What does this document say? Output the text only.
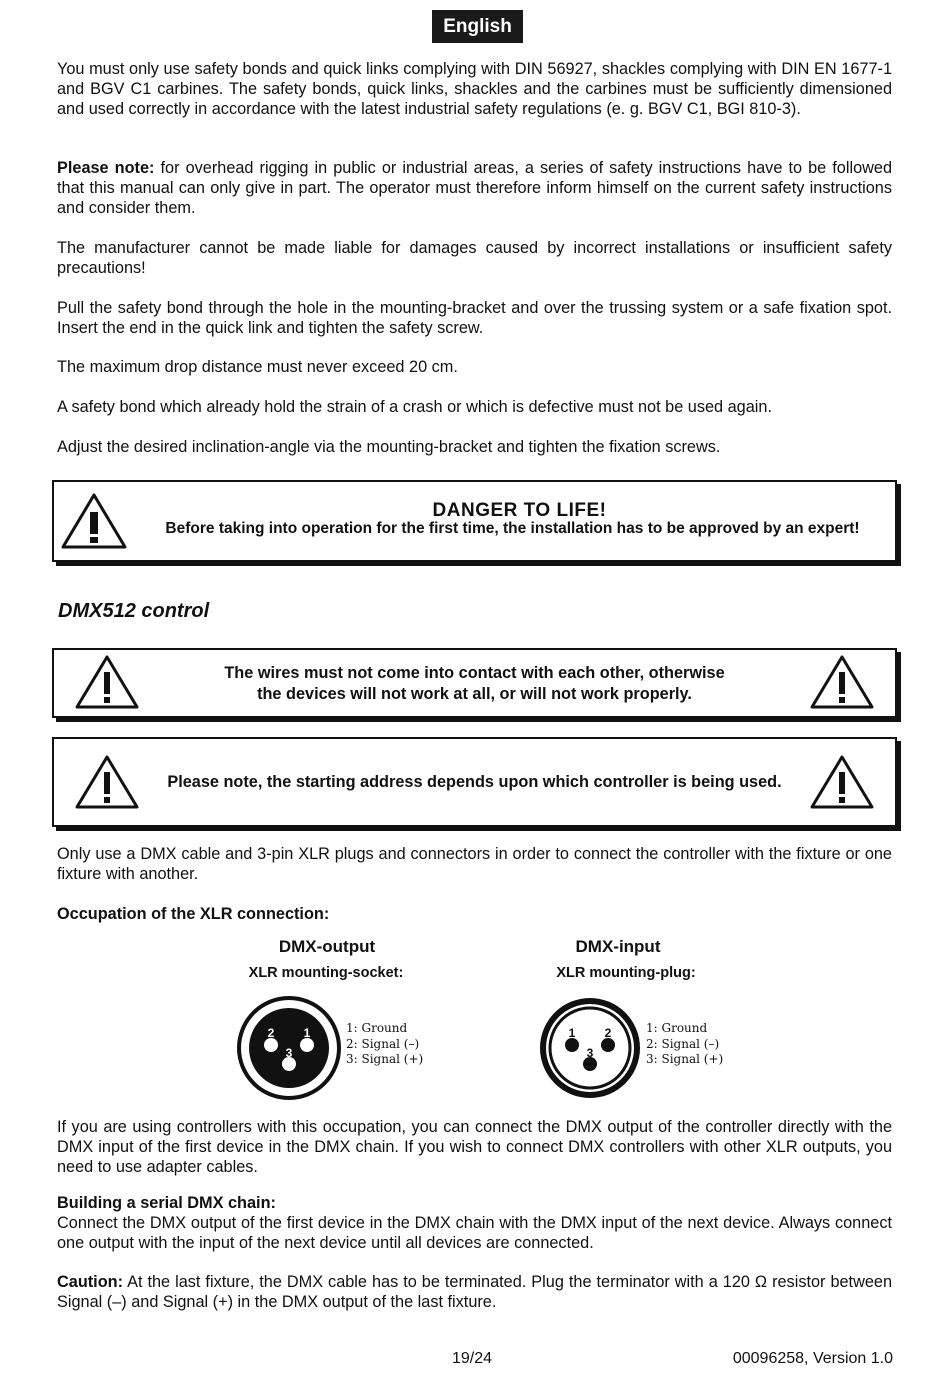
English

You must only use safety bonds and quick links complying with DIN 56927, shackles complying with DIN EN 1677-1 and BGV C1 carbines. The safety bonds, quick links, shackles and the carbines must be sufficiently dimensioned and used correctly in accordance with the latest industrial safety regulations (e. g. BGV C1, BGI 810-3).

Please note: for overhead rigging in public or industrial areas, a series of safety instructions have to be followed that this manual can only give in part. The operator must therefore inform himself on the current safety instructions and consider them.

The manufacturer cannot be made liable for damages caused by incorrect installations or insufficient safety precautions!

Pull the safety bond through the hole in the mounting-bracket and over the trussing system or a safe fixation spot. Insert the end in the quick link and tighten the safety screw.

The maximum drop distance must never exceed 20 cm.

A safety bond which already hold the strain of a crash or which is defective must not be used again.

Adjust the desired inclination-angle via the mounting-bracket and tighten the fixation screws.

DANGER TO LIFE!
Before taking into operation for the first time, the installation has to be approved by an expert!
DMX512 control
The wires must not come into contact with each other, otherwise
the devices will not work at all, or will not work properly.
Please note, the starting address depends upon which controller is being used.

Only use a DMX cable and 3-pin XLR plugs and connectors in order to connect the controller with the fixture or one fixture with another.

Occupation of the XLR connection:

DMX-output
XLR mounting-socket:
2 1
3
1: Ground
2: Signal (–)
3: Signal (+)
DMX-input
XLR mounting-plug:
1 2
3
1: Ground
2: Signal (–)
3: Signal (+)

If you are using controllers with this occupation, you can connect the DMX output of the controller directly with the DMX input of the first device in the DMX chain. If you wish to connect DMX controllers with other XLR outputs, you need to use adapter cables.

Building a serial DMX chain:

Connect the DMX output of the first device in the DMX chain with the DMX input of the next device. Always connect one output with the input of the next device until all devices are connected.

Caution: At the last fixture, the DMX cable has to be terminated. Plug the terminator with a 120 Ω resistor between Signal (–) and Signal (+) in the DMX output of the last fixture.

19/24	00096258, Version 1.0
